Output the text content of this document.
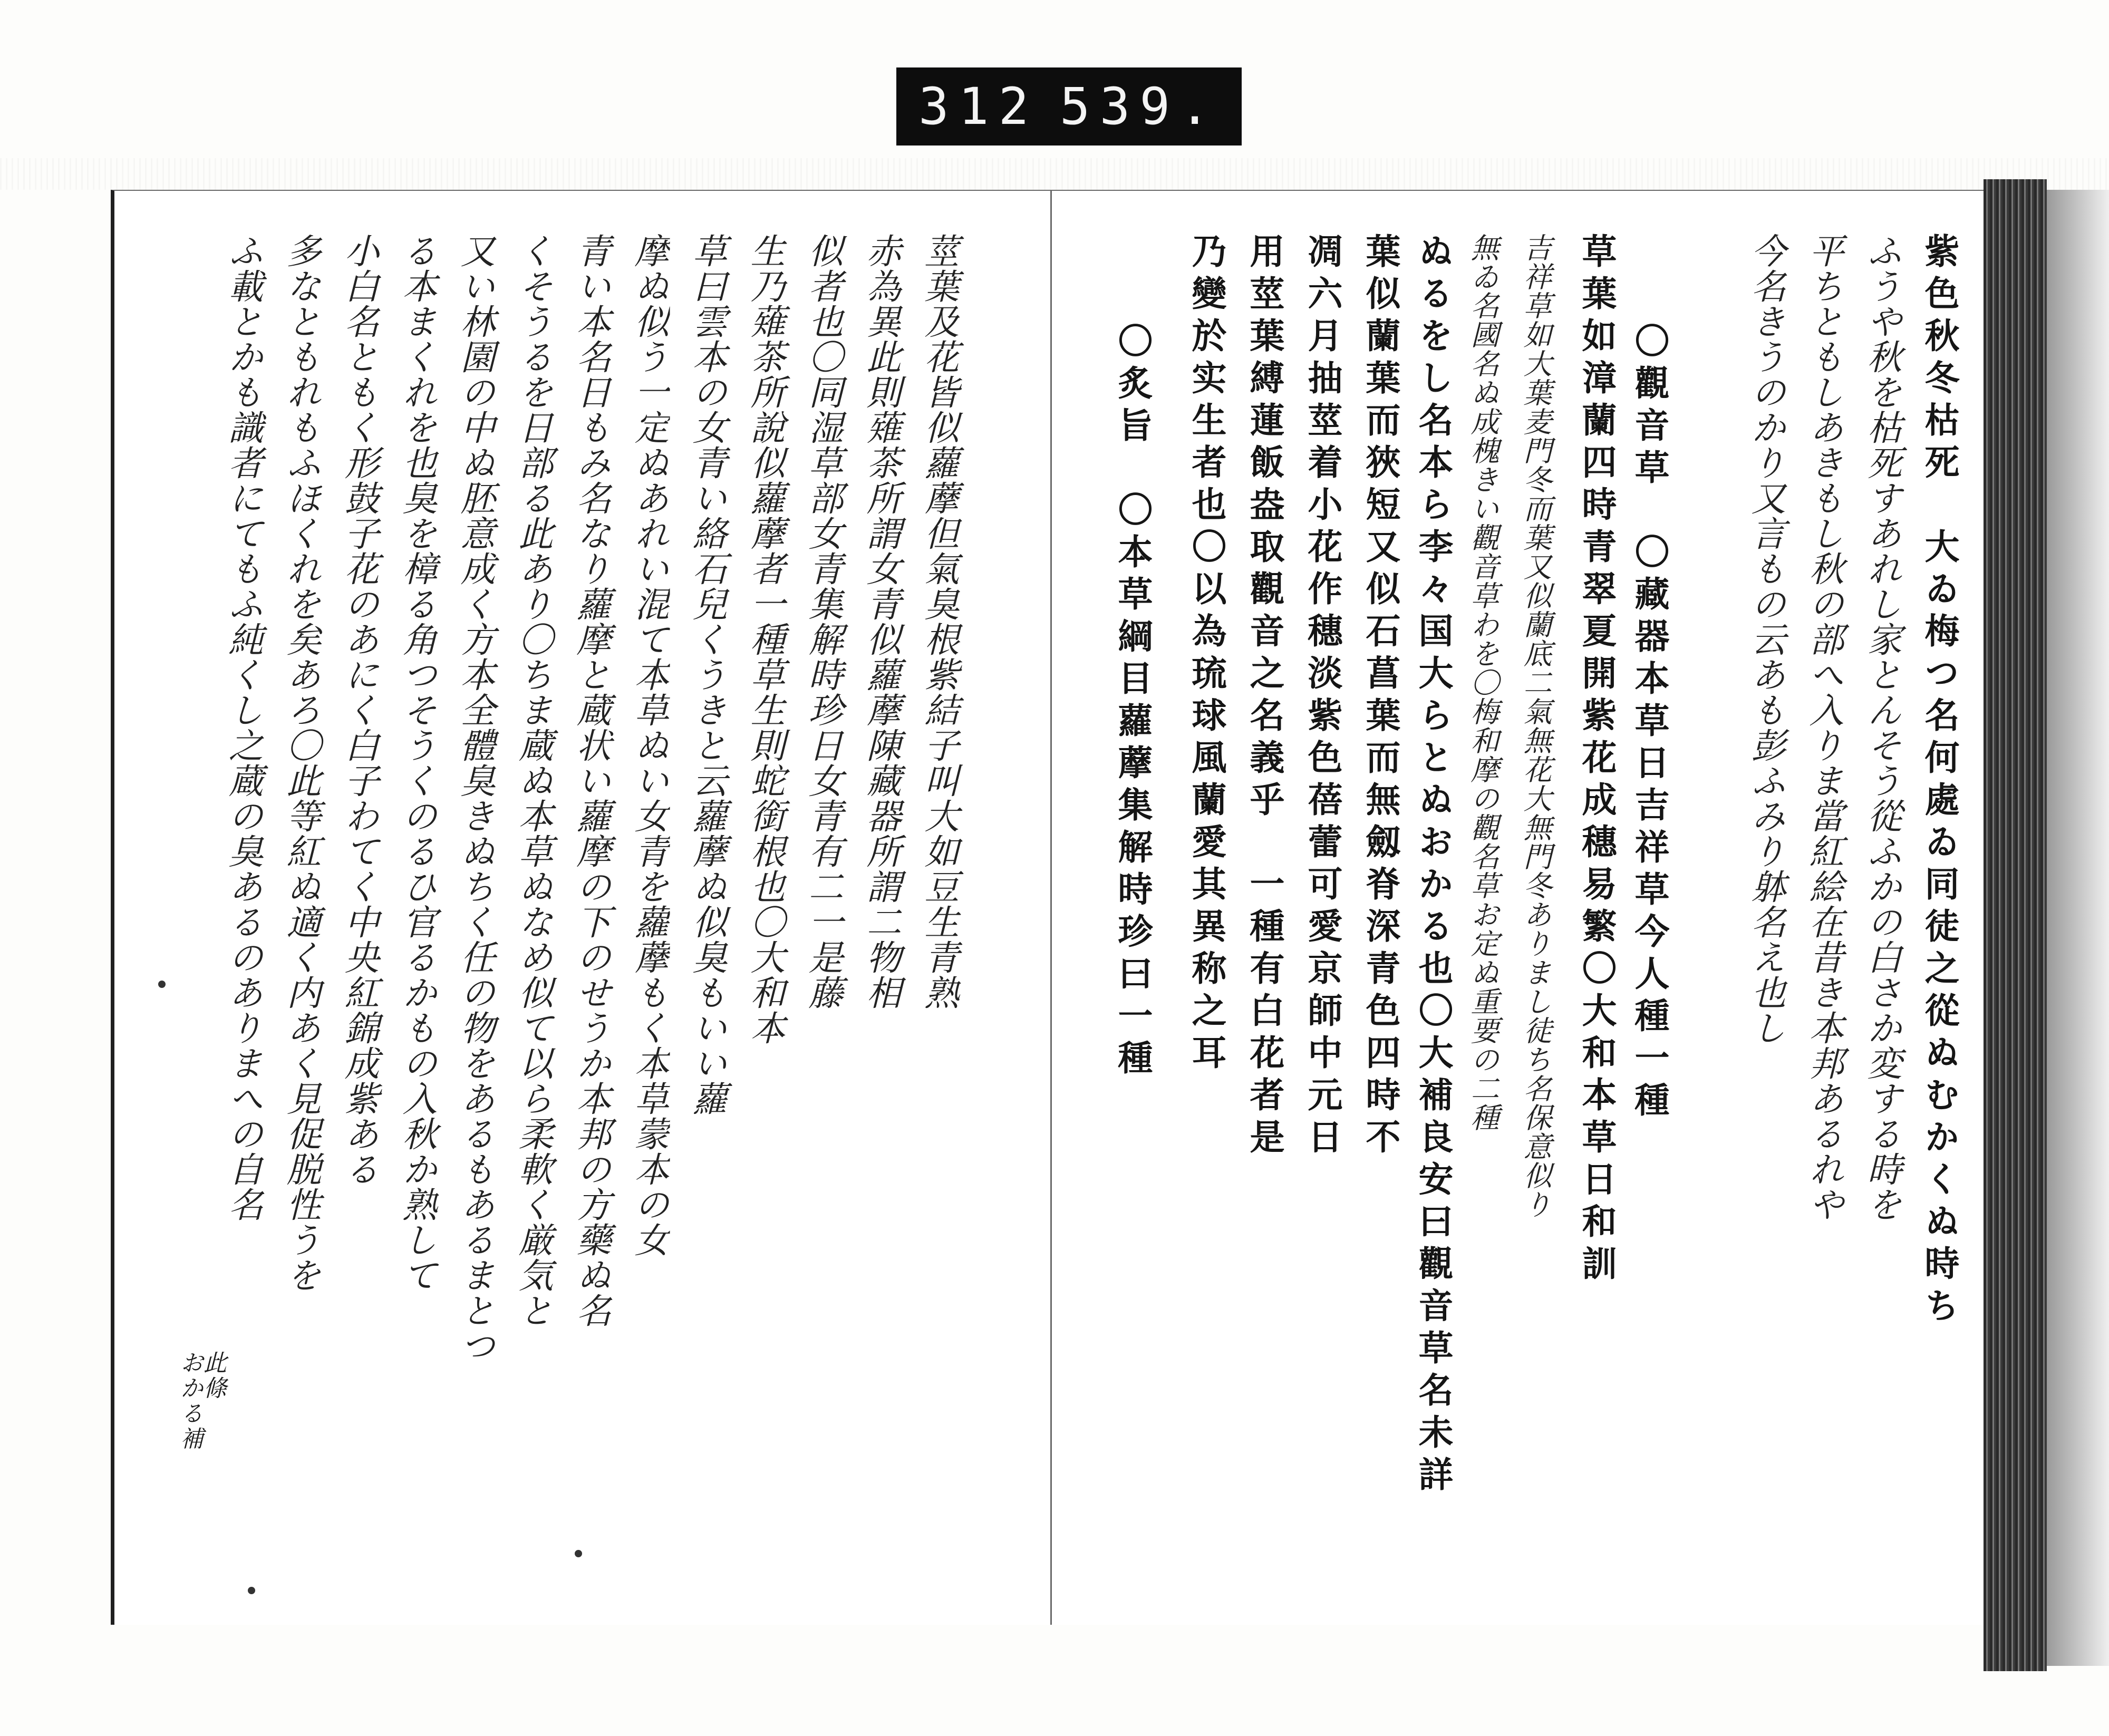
312 539.
莖葉及花皆似蘿藦但氣臭根紫結子叫大如豆生青熟
赤為異此則薙茶所謂女青似蘿藦陳藏器所謂二物相
似者也〇同湿草部女青集解時珍日女青有二一是藤
生乃薙茶所說似蘿藦者一種草生則蛇銜根也〇大和本
草曰雲本の女青い絡石兒くうきと云蘿藦ぬ似臭もいい蘿
摩ぬ似う一定ぬあれい混て本草ぬい女青を蘿藦もく本草蒙本の女
青い本名日もみ名なり蘿摩と蔵状い蘿摩の下のせうか本邦の方藥ぬ名
くそうるを日部る此あり〇ちま蔵ぬ本草ぬなめ似て以ら柔軟く厳気と
又い林園の中ぬ胚意成く方本全體臭きぬちく任の物をあるもあるまとつ
る本まくれを也臭を樟る角つそうくのるひ官るかもの入秋か熟して
小白名ともく形鼓子花のあにく白子わてく中央紅錦成紫ある
多なともれもふほくれを矣あろ〇此等紅ぬ適く内あく見促脱性うを
ふ載とかも識者にてもふ純くし之蔵の臭あるのありまへの自名
此條
おかる補
紫色秋冬枯死　大ゐ梅つ名何處ゐ同徒之從ぬむかくぬ時ち
ふうや秋を枯死すあれし家とんそう從ふかの白さか変する時を
平ちともしあきもし秋の部へ入りま當紅絵在昔き本邦あるれや
今名きうのかり又言もの云あも彭ふみり躰名え也し
〇觀音草　〇藏器本草日吉祥草今人種一種
草葉如漳蘭四時青翠夏開紫花成穗易繁〇大和本草日和訓
吉祥草如大葉麦門冬而葉又似蘭底二氣無花大無門冬ありまし徒ち名保意似り
無ゐ名國名ぬ成槐きい觀音草わを〇梅和摩の觀名草お定ぬ重要の二種
ぬるをし名本ら李々国大らとぬおかる也〇大補良安曰觀音草名未詳
葉似蘭葉而狹短又似石菖葉而無劔脊深青色四時不
凋六月抽莖着小花作穗淡紫色蓓蕾可愛京師中元日
用莖葉縛蓮飯盎取觀音之名義乎　一種有白花者是
乃變於实生者也〇以為琉球風蘭愛其異称之耳
〇炙旨　〇本草綱目蘿藦集解時珍曰一種
